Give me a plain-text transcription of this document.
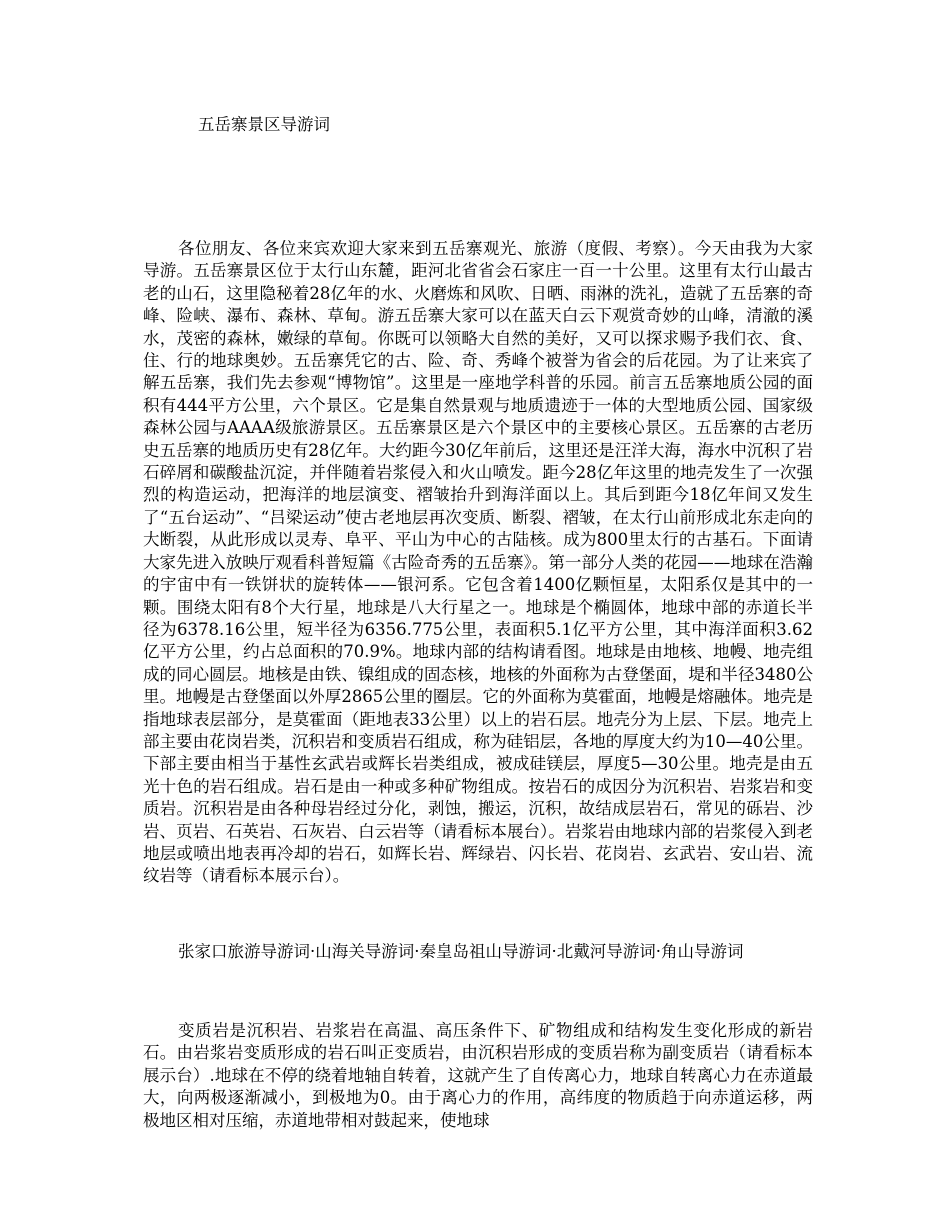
五岳寨景区导游词

各位朋友、各位来宾欢迎大家来到五岳寨观光、旅游（度假、考察）。今天由我为大家导游。五岳寨景区位于太行山东麓，距河北省省会石家庄一百一十公里。这里有太行山最古老的山石，这里隐秘着28亿年的水、火磨炼和风吹、日晒、雨淋的洗礼，造就了五岳寨的奇峰、险峡、瀑布、森林、草甸。游五岳寨大家可以在蓝天白云下观赏奇妙的山峰，清澈的溪水，茂密的森林，嫩绿的草甸。你既可以领略大自然的美好，又可以探求赐予我们衣、食、住、行的地球奥妙。五岳寨凭它的古、险、奇、秀峰个被誉为省会的后花园。为了让来宾了解五岳寨，我们先去参观“博物馆”。这里是一座地学科普的乐园。前言五岳寨地质公园的面积有444平方公里，六个景区。它是集自然景观与地质遗迹于一体的大型地质公园、国家级森林公园与AAAA级旅游景区。五岳寨景区是六个景区中的主要核心景区。五岳寨的古老历史五岳寨的地质历史有28亿年。大约距今30亿年前后，这里还是汪洋大海，海水中沉积了岩石碎屑和碳酸盐沉淀，并伴随着岩浆侵入和火山喷发。距今28亿年这里的地壳发生了一次强烈的构造运动，把海洋的地层演变、褶皱抬升到海洋面以上。其后到距今18亿年间又发生了“五台运动”、“吕梁运动”使古老地层再次变质、断裂、褶皱，在太行山前形成北东走向的大断裂，从此形成以灵寿、阜平、平山为中心的古陆核。成为800里太行的古基石。下面请大家先进入放映厅观看科普短篇《古险奇秀的五岳寨》。第一部分人类的花园——地球在浩瀚的宇宙中有一铁饼状的旋转体——银河系。它包含着1400亿颗恒星，太阳系仅是其中的一颗。围绕太阳有8个大行星，地球是八大行星之一。地球是个椭圆体，地球中部的赤道长半径为6378.16公里，短半径为6356.775公里，表面积5.1亿平方公里，其中海洋面积3.62亿平方公里，约占总面积的70.9%。地球内部的结构请看图。地球是由地核、地幔、地壳组成的同心圆层。地核是由铁、镍组成的固态核，地核的外面称为古登堡面，堤和半径3480公里。地幔是古登堡面以外厚2865公里的圈层。它的外面称为莫霍面，地幔是熔融体。地壳是指地球表层部分，是莫霍面（距地表33公里）以上的岩石层。地壳分为上层、下层。地壳上部主要由花岗岩类，沉积岩和变质岩石组成，称为硅铝层，各地的厚度大约为10—40公里。下部主要由相当于基性玄武岩或辉长岩类组成，被成硅镁层，厚度5—30公里。地壳是由五光十色的岩石组成。岩石是由一种或多种矿物组成。按岩石的成因分为沉积岩、岩浆岩和变质岩。沉积岩是由各种母岩经过分化，剥蚀，搬运，沉积，故结成层岩石，常见的砾岩、沙岩、页岩、石英岩、石灰岩、白云岩等（请看标本展台）。岩浆岩由地球内部的岩浆侵入到老地层或喷出地表再冷却的岩石，如辉长岩、辉绿岩、闪长岩、花岗岩、玄武岩、安山岩、流纹岩等（请看标本展示台）。

张家口旅游导游词·山海关导游词·秦皇岛祖山导游词·北戴河导游词·角山导游词

变质岩是沉积岩、岩浆岩在高温、高压条件下、矿物组成和结构发生变化形成的新岩石。由岩浆岩变质形成的岩石叫正变质岩，由沉积岩形成的变质岩称为副变质岩（请看标本展示台）.地球在不停的绕着地轴自转着，这就产生了自传离心力，地球自转离心力在赤道最大，向两极逐渐减小，到极地为0。由于离心力的作用，高纬度的物质趋于向赤道运移，两极地区相对压缩，赤道地带相对鼓起来，使地球
